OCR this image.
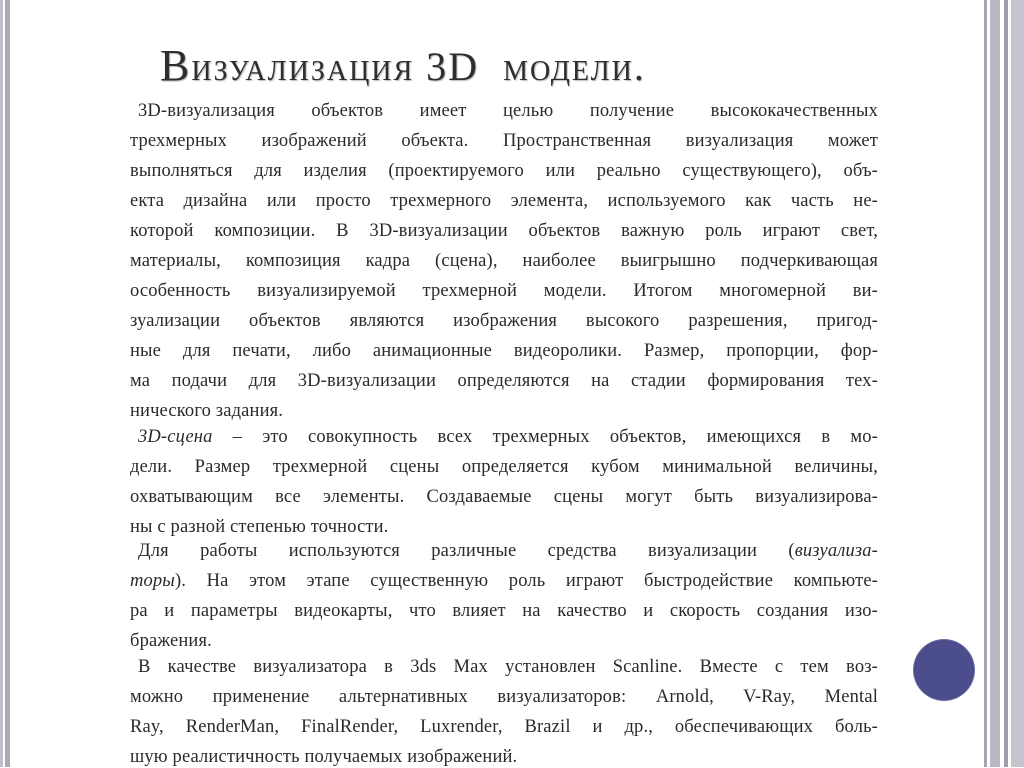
Визуализация 3D модели.
3D-визуализация объектов имеет целью получение высококачественных
трехмерных изображений объекта. Пространственная визуализация может
выполняться для изделия (проектируемого или реально существующего), объ-
екта дизайна или просто трехмерного элемента, используемого как часть не-
которой композиции. В 3D-визуализации объектов важную роль играют свет,
материалы, композиция кадра (сцена), наиболее выигрышно подчеркивающая
особенность визуализируемой трехмерной модели. Итогом многомерной ви-
зуализации объектов являются изображения высокого разрешения, пригод-
ные для печати, либо анимационные видеоролики. Размер, пропорции, фор-
ма подачи для 3D-визуализации определяются на стадии формирования тех-
нического задания.
3D-сцена – это совокупность всех трехмерных объектов, имеющихся в мо-
дели. Размер трехмерной сцены определяется кубом минимальной величины,
охватывающим все элементы. Создаваемые сцены могут быть визуализирова-
ны с разной степенью точности.
Для работы используются различные средства визуализации (визуализа-
торы). На этом этапе существенную роль играют быстродействие компьюте-
ра и параметры видеокарты, что влияет на качество и скорость создания изо-
бражения.
В качестве визуализатора в 3ds Max установлен Scanline. Вместе с тем воз-
можно применение альтернативных визуализаторов: Arnold, V-Ray, Mental
Ray, RenderMan, FinalRender, Luxrender, Brazil и др., обеспечивающих боль-
шую реалистичность получаемых изображений.
